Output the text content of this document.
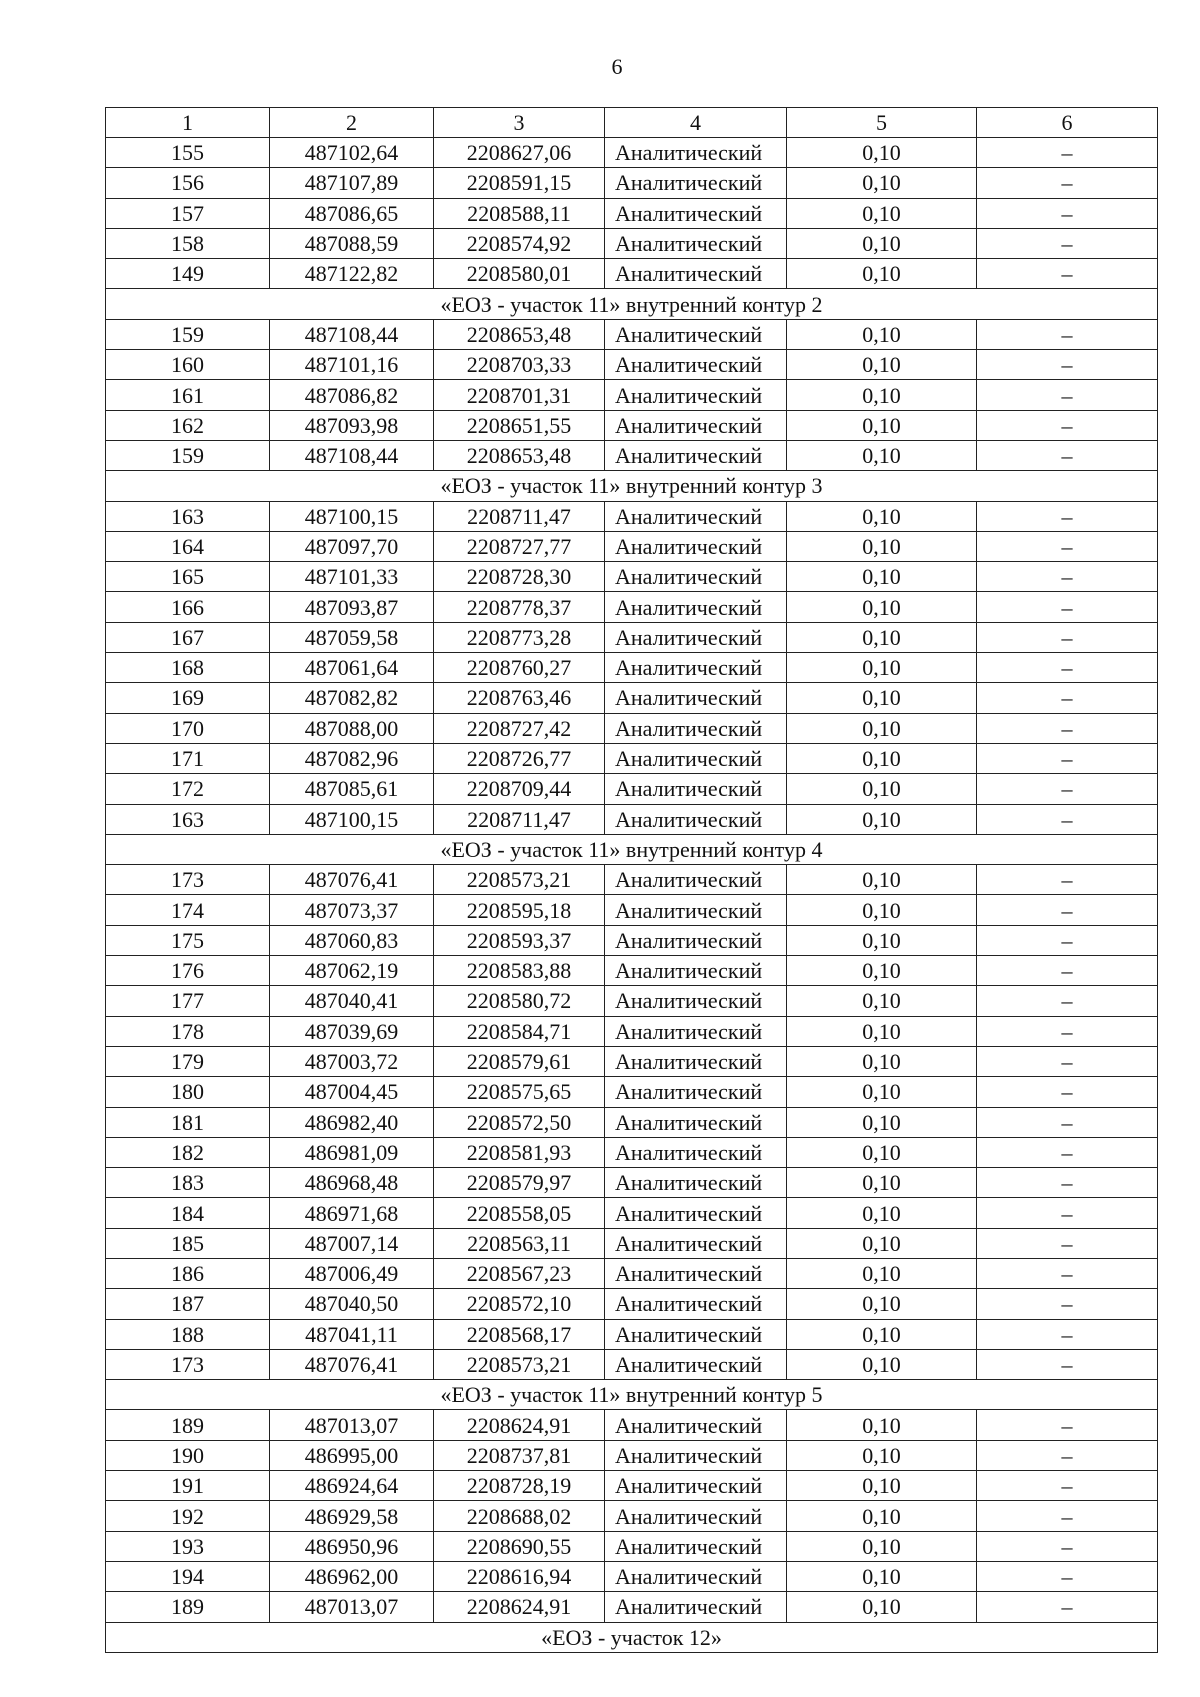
6
1	2	3	4	5	6
155	487102,64	2208627,06	Аналитический	0,10	–
156	487107,89	2208591,15	Аналитический	0,10	–
157	487086,65	2208588,11	Аналитический	0,10	–
158	487088,59	2208574,92	Аналитический	0,10	–
149	487122,82	2208580,01	Аналитический	0,10	–
«ЕОЗ - участок 11» внутренний контур 2					
159	487108,44	2208653,48	Аналитический	0,10	–
160	487101,16	2208703,33	Аналитический	0,10	–
161	487086,82	2208701,31	Аналитический	0,10	–
162	487093,98	2208651,55	Аналитический	0,10	–
159	487108,44	2208653,48	Аналитический	0,10	–
«ЕОЗ - участок 11» внутренний контур 3					
163	487100,15	2208711,47	Аналитический	0,10	–
164	487097,70	2208727,77	Аналитический	0,10	–
165	487101,33	2208728,30	Аналитический	0,10	–
166	487093,87	2208778,37	Аналитический	0,10	–
167	487059,58	2208773,28	Аналитический	0,10	–
168	487061,64	2208760,27	Аналитический	0,10	–
169	487082,82	2208763,46	Аналитический	0,10	–
170	487088,00	2208727,42	Аналитический	0,10	–
171	487082,96	2208726,77	Аналитический	0,10	–
172	487085,61	2208709,44	Аналитический	0,10	–
163	487100,15	2208711,47	Аналитический	0,10	–
«ЕОЗ - участок 11» внутренний контур 4					
173	487076,41	2208573,21	Аналитический	0,10	–
174	487073,37	2208595,18	Аналитический	0,10	–
175	487060,83	2208593,37	Аналитический	0,10	–
176	487062,19	2208583,88	Аналитический	0,10	–
177	487040,41	2208580,72	Аналитический	0,10	–
178	487039,69	2208584,71	Аналитический	0,10	–
179	487003,72	2208579,61	Аналитический	0,10	–
180	487004,45	2208575,65	Аналитический	0,10	–
181	486982,40	2208572,50	Аналитический	0,10	–
182	486981,09	2208581,93	Аналитический	0,10	–
183	486968,48	2208579,97	Аналитический	0,10	–
184	486971,68	2208558,05	Аналитический	0,10	–
185	487007,14	2208563,11	Аналитический	0,10	–
186	487006,49	2208567,23	Аналитический	0,10	–
187	487040,50	2208572,10	Аналитический	0,10	–
188	487041,11	2208568,17	Аналитический	0,10	–
173	487076,41	2208573,21	Аналитический	0,10	–
«ЕОЗ - участок 11» внутренний контур 5					
189	487013,07	2208624,91	Аналитический	0,10	–
190	486995,00	2208737,81	Аналитический	0,10	–
191	486924,64	2208728,19	Аналитический	0,10	–
192	486929,58	2208688,02	Аналитический	0,10	–
193	486950,96	2208690,55	Аналитический	0,10	–
194	486962,00	2208616,94	Аналитический	0,10	–
189	487013,07	2208624,91	Аналитический	0,10	–
«ЕОЗ - участок 12»					
